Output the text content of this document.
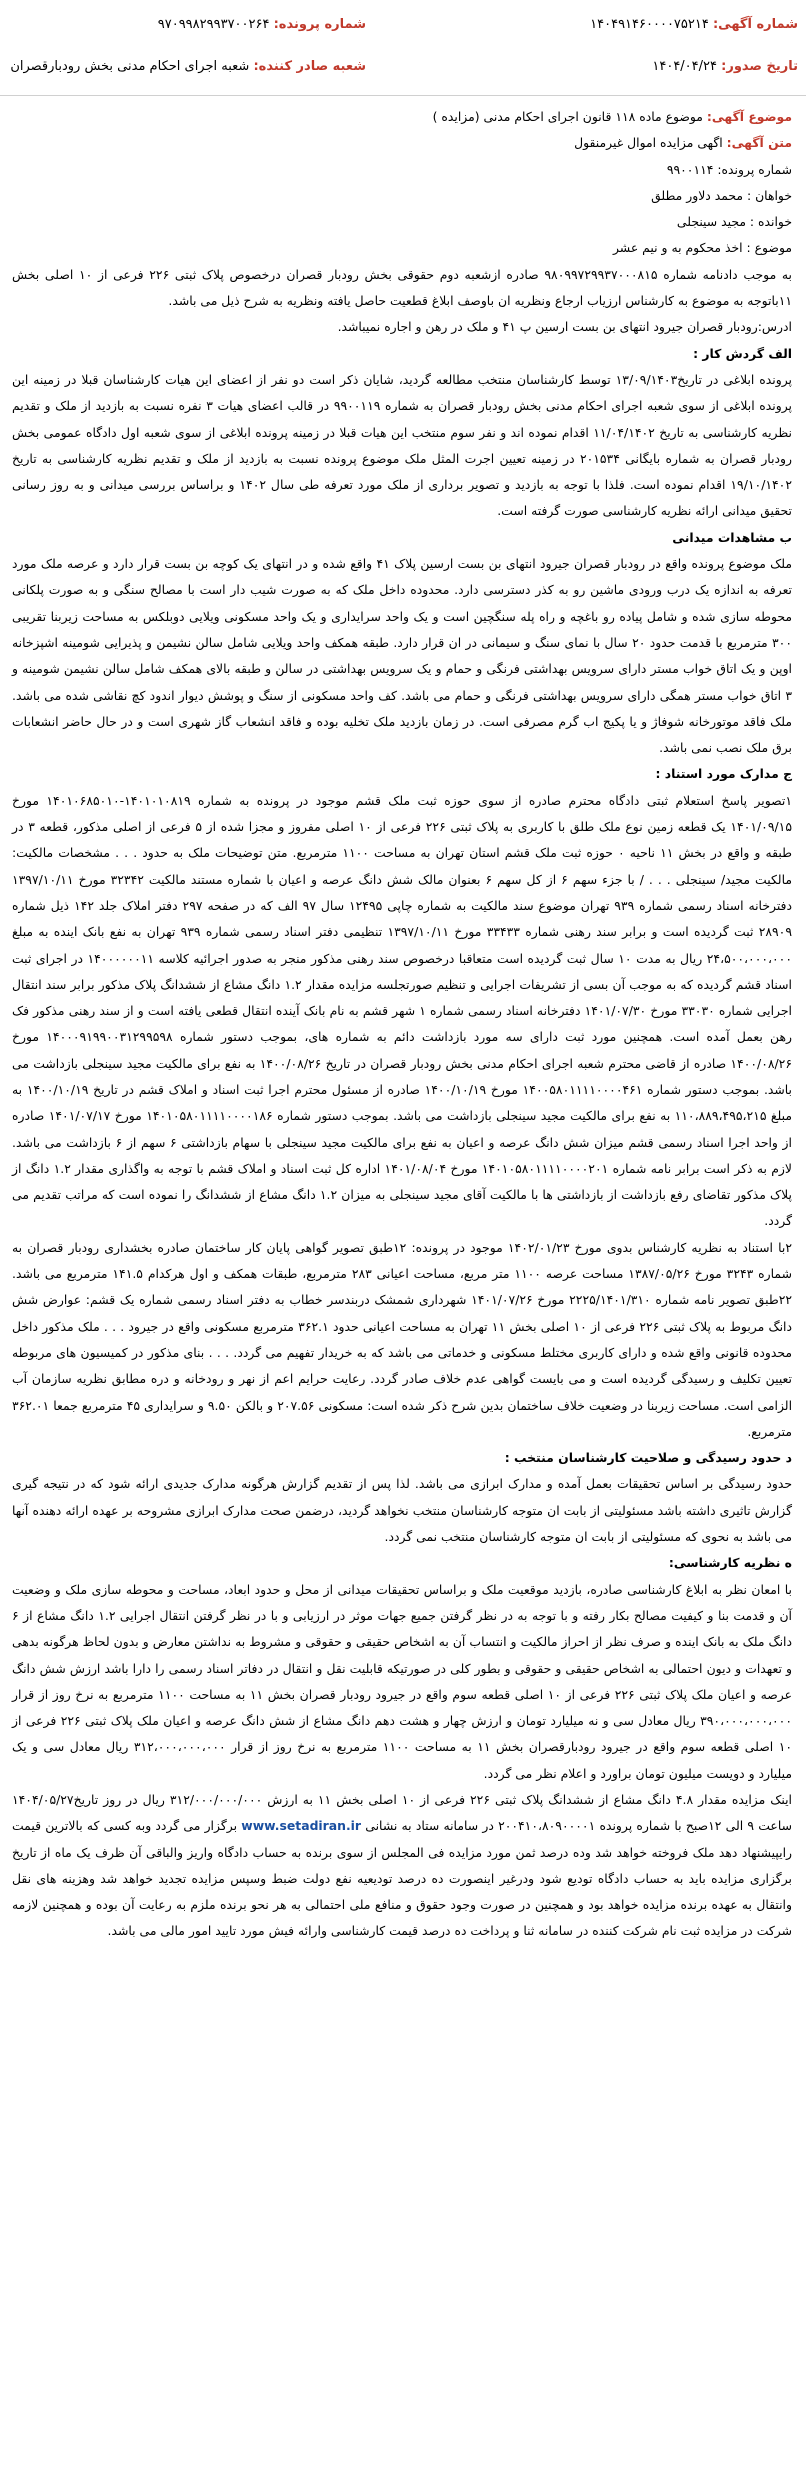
شماره آگهی: ۱۴۰۴۹۱۴۶۰۰۰۰۷۵۲۱۴
شماره پرونده: ۹۷۰۹۹۸۲۹۹۳۷۰۰۲۶۴
تاریخ صدور: ۱۴۰۴/۰۴/۲۴
شعبه صادر کننده: شعبه اجرای احکام مدنی بخش رودبارقصران

موضوع آگهی: موضوع ماده ۱۱۸ قانون اجرای احکام مدنی (مزایده )

متن آگهی: اگهی مزایده اموال غیرمنقول

شماره پرونده: ۹۹۰۰۱۱۴

خواهان : محمد دلاور مطلق

خوانده : مجید سینجلی

موضوع : اخذ محکوم به و نیم عشر

به موجب دادنامه شماره ۹۸۰۹۹۷۲۹۹۳۷۰۰۰۸۱۵ صادره ازشعبه دوم حقوقی بخش رودبار قصران درخصوص پلاک ثبتی ۲۲۶ فرعی از ۱۰ اصلی بخش ۱۱باتوجه به موضوع به کارشناس ارزیاب ارجاع ونظریه ان باوصف ابلاغ قطعیت حاصل یافته ونظریه به شرح ذیل می باشد.

ادرس:رودبار قصران جیرود انتهای بن بست ارسین پ ۴۱ و ملک در رهن و اجاره نمیباشد.

الف گردش کار :

پرونده ابلاغی در تاریخ۱۳/۰۹/۱۴۰۳ توسط کارشناسان منتخب مطالعه گردید، شایان ذکر است دو نفر از اعضای این هیات کارشناسان قبلا در زمینه این پرونده ابلاغی از سوی شعبه اجرای احکام مدنی بخش رودبار قصران به شماره ۹۹۰۰۱۱۹ در قالب اعضای هیات ۳ نفره نسبت به بازدید از ملک و تقدیم نظریه کارشناسی به تاریخ ۱۱/۰۴/۱۴۰۲ اقدام نموده اند و نفر سوم منتخب این هیات قبلا در زمینه پرونده ابلاغی از سوی شعبه اول دادگاه عمومی بخش رودبار قصران به شماره بایگانی ۲۰۱۵۳۴ در زمینه تعیین اجرت المثل ملک موضوع پرونده نسبت به بازدید از ملک و تقدیم نظریه کارشناسی به تاریخ ۱۹/۱۰/۱۴۰۲ اقدام نموده است. فلذا با توجه به بازدید و تصویر برداری از ملک مورد تعرفه طی سال ۱۴۰۲ و براساس بررسی میدانی و به روز رسانی تحقیق میدانی ارائه نظریه کارشناسی صورت گرفته است.

ب مشاهدات میدانی

ملک موضوع پرونده واقع در رودبار قصران جیرود انتهای بن بست ارسین پلاک ۴۱ واقع شده و در انتهای یک کوچه بن بست قرار دارد و عرصه ملک مورد تعرفه به اندازه یک درب ورودی ماشین رو به کذر دسترسی دارد. محدوده داخل ملک که به صورت شیب دار است با مصالح سنگی و به صورت پلکانی محوطه سازی شده و شامل پیاده رو باغچه و راه پله سنگچین است و یک واحد سرایداری و یک واحد مسکونی ویلایی دوبلکس به مساحت زیربنا تقریبی ۳۰۰ مترمربع با قدمت حدود ۲۰ سال با نمای سنگ و سیمانی در ان قرار دارد. طبقه همکف واحد ویلایی شامل سالن نشیمن و پذیرایی شومینه اشپزخانه اوپن و یک اتاق خواب مستر دارای سرویس بهداشتی فرنگی و حمام و یک سرویس بهداشتی در سالن و طبقه بالای همکف شامل سالن نشیمن شومینه و ۳ اتاق خواب مستر همگی دارای سرویس بهداشتی فرنگی و حمام می باشد. کف واحد مسکونی از سنگ و پوشش دیوار اندود کچ نقاشی شده می باشد. ملک فاقد موتورخانه شوفاژ و یا پکیج اب گرم مصرفی است. در زمان بازدید ملک تخلیه بوده و فاقد انشعاب گاز شهری است و در حال حاضر انشعابات برق ملک نصب نمی باشد.

ج مدارک مورد استناد :

۱تصویر پاسخ استعلام ثبتی دادگاه محترم صادره از سوی حوزه ثبت ملک قشم موجود در پرونده به شماره ۱۴۰۱۰۱۰۸۱۹-۱۴۰۱۰۶۸۵۰۱۰ مورخ ۱۴۰۱/۰۹/۱۵ یک قطعه زمین نوع ملک طلق با کاربری به پلاک ثبتی ۲۲۶ فرعی از ۱۰ اصلی مفروز و مجزا شده از ۵ فرعی از اصلی مذکور، قطعه ۳ در طبقه و واقع در بخش ۱۱ ناحیه ۰ حوزه ثبت ملک قشم استان تهران به مساحت ۱۱۰۰ مترمربع. متن توضیحات ملک به حدود . . . مشخصات مالکیت: مالکیت مجید/ سینجلی . . . / با جزء سهم ۶ از کل سهم ۶ بعنوان مالک شش دانگ عرصه و اعیان با شماره مستند مالکیت ۳۲۳۴۲ مورخ ۱۳۹۷/۱۰/۱۱ دفترخانه اسناد رسمی شماره ۹۳۹ تهران موضوع سند مالکیت به شماره چاپی ۱۲۴۹۵ سال ۹۷ الف که در صفحه ۲۹۷ دفتر املاک جلد ۱۴۲ ذیل شماره ۲۸۹۰۹ ثبت گردیده است و برابر سند رهنی شماره ۳۳۴۳۳ مورخ ۱۳۹۷/۱۰/۱۱ تنظیمی دفتر اسناد رسمی شماره ۹۳۹ تهران به نفع بانک اینده به مبلغ ۲۴،۵۰۰،۰۰۰،۰۰۰ ریال به مدت ۱۰ سال ثبت گردیده است متعاقبا درخصوص سند رهنی مذکور منجر به صدور اجرائیه کلاسه ۱۴۰۰۰۰۰۰۱۱ در اجرای ثبت اسناد قشم گردیده که به موجب آن بسی از تشریفات اجرایی و تنظیم صورتجلسه مزایده مقدار ۱.۲ دانگ مشاع از ششدانگ پلاک مذکور برابر سند انتقال اجرایی شماره ۳۳۰۳۰ مورخ ۱۴۰۱/۰۷/۳۰ دفترخانه اسناد رسمی شماره ۱ شهر قشم به نام بانک آینده انتقال قطعی یافته است و از سند رهنی مذکور فک رهن بعمل آمده است. همچنین مورد ثبت دارای سه مورد بازداشت دائم به شماره های، بموجب دستور شماره ۱۴۰۰۰۹۱۹۹۰۰۳۱۲۹۹۵۹۸ مورخ ۱۴۰۰/۰۸/۲۶ صادره از قاضی محترم شعبه اجرای احکام مدنی بخش رودبار قصران در تاریخ ۱۴۰۰/۰۸/۲۶ به نفع برای مالکیت مجید سینجلی بازداشت می باشد. بموجب دستور شماره ۱۴۰۰۵۸۰۱۱۱۱۰۰۰۰۴۶۱ مورخ ۱۴۰۰/۱۰/۱۹ صادره از مسئول محترم اجرا ثبت اسناد و املاک قشم در تاریخ ۱۴۰۰/۱۰/۱۹ به مبلغ ۱۱۰،۸۸۹،۴۹۵،۲۱۵ به نفع برای مالکیت مجید سینجلی بازداشت می باشد. بموجب دستور شماره ۱۴۰۱۰۵۸۰۱۱۱۱۰۰۰۰۱۸۶ مورخ ۱۴۰۱/۰۷/۱۷ صادره از واحد اجرا اسناد رسمی قشم میزان شش دانگ عرصه و اعیان به نفع برای مالکیت مجید سینجلی با سهام بازداشتی ۶ سهم از ۶ بازداشت می باشد. لازم به ذکر است برابر نامه شماره ۱۴۰۱۰۵۸۰۱۱۱۱۰۰۰۰۲۰۱ مورخ ۱۴۰۱/۰۸/۰۴ اداره کل ثبت اسناد و املاک قشم با توجه به واگذاری مقدار ۱.۲ دانگ از پلاک مذکور تقاضای رفع بازداشت از بازداشتی ها با مالکیت آقای مجید سینجلی به میزان ۱.۲ دانگ مشاع از ششدانگ را نموده است که مراتب تقدیم می گردد.

۲با استناد به نظریه کارشناس بدوی مورخ ۱۴۰۲/۰۱/۲۳ موجود در پرونده: ۱۲طبق تصویر گواهی پایان کار ساختمان صادره بخشداری رودبار قصران به شماره ۳۲۴۳ مورخ ۱۳۸۷/۰۵/۲۶ مساحت عرصه ۱۱۰۰ متر مربع، مساحت اعیانی ۲۸۳ مترمربع، طبقات همکف و اول هرکدام ۱۴۱.۵ مترمربع می باشد. ۲۲طبق تصویر نامه شماره ۲۲۲۵/۱۴۰۱/۳۱۰ مورخ ۱۴۰۱/۰۷/۲۶ شهرداری شمشک دربندسر خطاب به دفتر اسناد رسمی شماره یک قشم: عوارض شش دانگ مربوط به پلاک ثبتی ۲۲۶ فرعی از ۱۰ اصلی بخش ۱۱ تهران به مساحت اعیانی حدود ۳۶۲.۱ مترمربع مسکونی واقع در جیرود . . . ملک مذکور داخل محدوده قانونی واقع شده و دارای کاربری مختلط مسکونی و خدماتی می باشد که به خریدار تفهیم می گردد. . . . بنای مذکور در کمیسیون های مربوطه تعیین تکلیف و رسیدگی گردیده است و می بایست گواهی عدم خلاف صادر گردد. رعایت حرایم اعم از نهر و رودخانه و دره مطابق نظریه سازمان آب الزامی است. مساحت زیربنا در وضعیت خلاف ساختمان بدین شرح ذکر شده است: مسکونی ۲۰۷.۵۶ و بالکن ۹.۵۰ و سرایداری ۴۵ مترمربع جمعا ۳۶۲.۰۱ مترمربع.

د حدود رسیدگی و صلاحیت کارشناسان منتخب :

حدود رسیدگی بر اساس تحقیقات بعمل آمده و مدارک ابرازی می باشد. لذا پس از تقدیم گزارش هرگونه مدارک جدیدی ارائه شود که در نتیجه گیری گزارش تاثیری داشته باشد مسئولیتی از بابت ان متوجه کارشناسان منتخب نخواهد گردید، درضمن صحت مدارک ابرازی مشروحه بر عهده ارائه دهنده آنها می باشد به نحوی که مسئولیتی از بابت ان متوجه کارشناسان منتخب نمی گردد.

ه نظریه کارشناسی:

با امعان نظر به ابلاغ کارشناسی صادره، بازدید موقعیت ملک و براساس تحقیقات میدانی از محل و حدود ابعاد، مساحت و محوطه سازی ملک و وضعیت آن و قدمت بنا و کیفیت مصالح بکار رفته و با توجه به در نظر گرفتن جمیع جهات موثر در ارزیابی و با در نظر گرفتن انتقال اجرایی ۱.۲ دانگ مشاع از ۶ دانگ ملک به بانک اینده و صرف نظر از احراز مالکیت و انتساب آن به اشخاص حقیقی و حقوقی و مشروط به نداشتن معارض و بدون لحاظ هرگونه بدهی و تعهدات و دیون احتمالی به اشخاص حقیقی و حقوقی و بطور کلی در صورتیکه قابلیت نقل و انتقال در دفاتر اسناد رسمی را دارا باشد ارزش شش دانگ عرصه و اعیان ملک پلاک ثبتی ۲۲۶ فرعی از ۱۰ اصلی قطعه سوم واقع در جیرود رودبار قصران بخش ۱۱ به مساحت ۱۱۰۰ مترمربع به نرخ روز از قرار ۳۹۰،۰۰۰،۰۰۰،۰۰۰ ریال معادل سی و نه میلیارد تومان و ارزش چهار و هشت دهم دانگ مشاع از شش دانگ عرصه و اعیان ملک پلاک ثبتی ۲۲۶ فرعی از ۱۰ اصلی قطعه سوم واقع در جیرود رودبارقصران بخش ۱۱ به مساحت ۱۱۰۰ مترمربع به نرخ روز از قرار ۳۱۲،۰۰۰،۰۰۰،۰۰۰ ریال معادل سی و یک میلیارد و دویست میلیون تومان براورد و اعلام نظر می گردد.

اینک مزایده مقدار ۴.۸ دانگ مشاع از ششدانگ پلاک ثبتی ۲۲۶ فرعی از ۱۰ اصلی بخش ۱۱ به ارزش ۳۱۲/۰۰۰/۰۰۰/۰۰۰ ریال در روز تاریخ۱۴۰۴/۰۵/۲۷ ساعت ۹ الی ۱۲صبح با شماره پرونده ۲۰۰۴۱۰،۸۰۹۰۰۰۰۱ در سامانه ستاد به نشانی www.setadiran.ir برگزار می گردد وبه کسی که بالاترین قیمت رایپیشنهاد دهد ملک فروخته خواهد شد وده درصد ثمن مورد مزایده فی المجلس از سوی برنده به حساب دادگاه واریز والباقی آن ظرف یک ماه از تاریخ برگزاری مزایده باید به حساب دادگاه تودیع شود ودرغیر اینصورت ده درصد تودیعیه نفع دولت ضبط وسپس مزایده تجدید خواهد شد وهزینه های نقل وانتقال به عهده برنده مزایده خواهد بود و همچنین در صورت وجود حقوق و منافع ملی احتمالی به هر نحو برنده ملزم به رعایت آن بوده و همچنین لازمه شرکت در مزایده ثبت نام شرکت کننده در سامانه ثنا و پرداخت ده درصد قیمت کارشناسی وارائه فیش مورد تایید امور مالی می باشد.
